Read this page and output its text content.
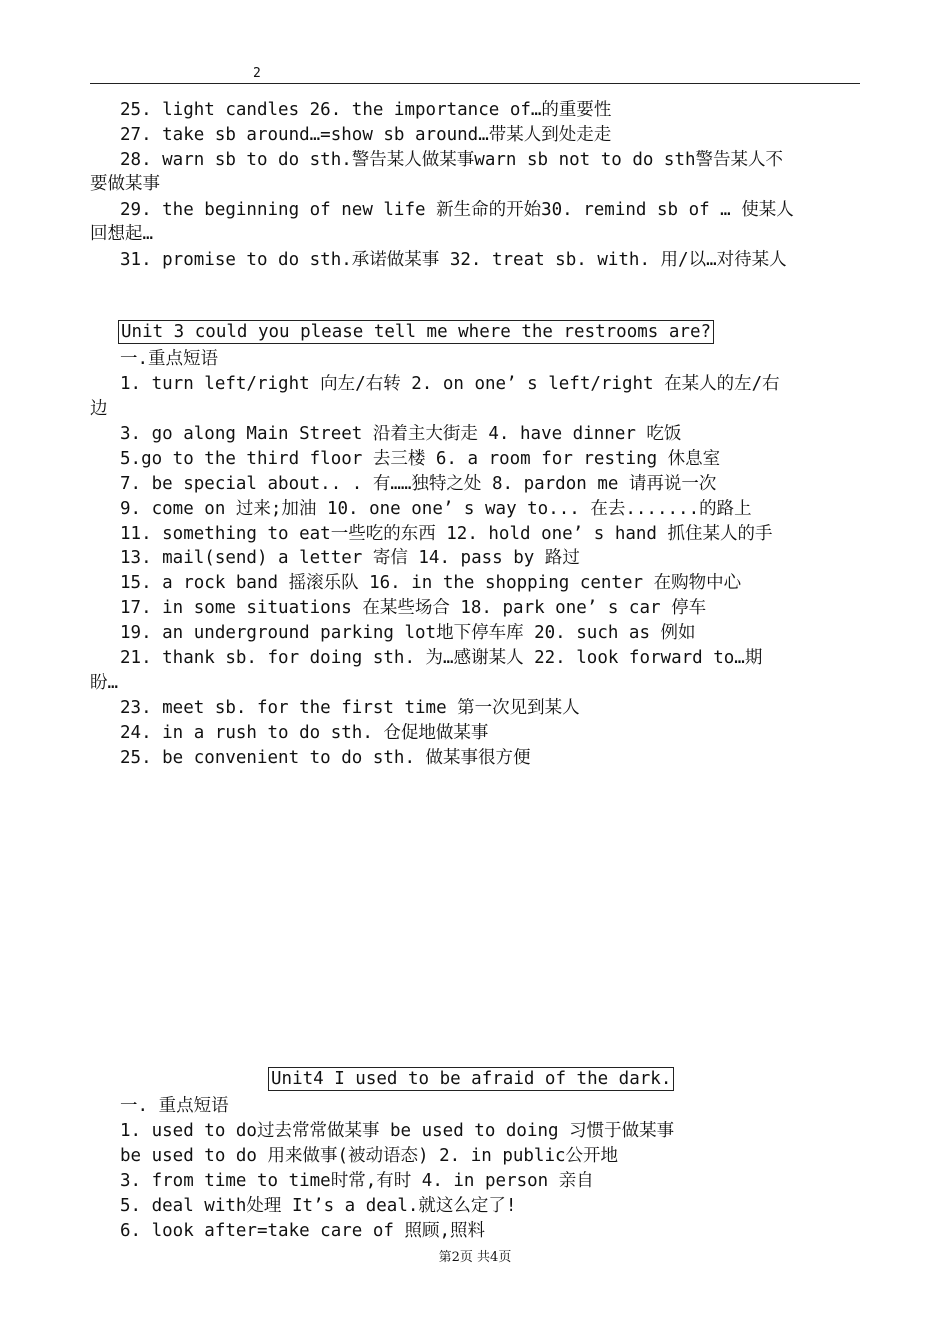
2
25. light candles 26. the importance of…的重要性
27. take sb around…=show sb around…带某人到处走走
28. warn sb to do sth.警告某人做某事warn sb not to do sth警告某人不
要做某事
29. the beginning of new life 新生命的开始30. remind sb of … 使某人
回想起…
31. promise to do sth.承诺做某事 32. treat sb. with. 用/以…对待某人
Unit 3 could you please tell me where the restrooms are?
一.重点短语
1. turn left/right 向左/右转 2. on one’ s left/right 在某人的左/右
边
3. go along Main Street 沿着主大街走 4. have dinner 吃饭
5.go to the third floor 去三楼 6. a room for resting 休息室
7. be special about.. . 有……独特之处 8. pardon me 请再说一次
9. come on 过来;加油 10. one one’ s way to... 在去.......的路上
11. something to eat一些吃的东西 12. hold one’ s hand 抓住某人的手
13. mail(send) a letter 寄信 14. pass by 路过
15. a rock band 摇滚乐队 16. in the shopping center 在购物中心
17. in some situations 在某些场合 18. park one’ s car 停车
19. an underground parking lot地下停车库 20. such as 例如
21. thank sb. for doing sth. 为…感谢某人 22. look forward to…期
盼…
23. meet sb. for the first time 第一次见到某人
24. in a rush to do sth. 仓促地做某事
25. be convenient to do sth. 做某事很方便
Unit4 I used to be afraid of the dark.
一. 重点短语
1. used to do过去常常做某事 be used to doing 习惯于做某事
be used to do 用来做事(被动语态) 2. in public公开地
3. from time to time时常,有时 4. in person 亲自
5. deal with处理 It’s a deal.就这么定了!
6. look after=take care of 照顾,照料
第2页 共4页
